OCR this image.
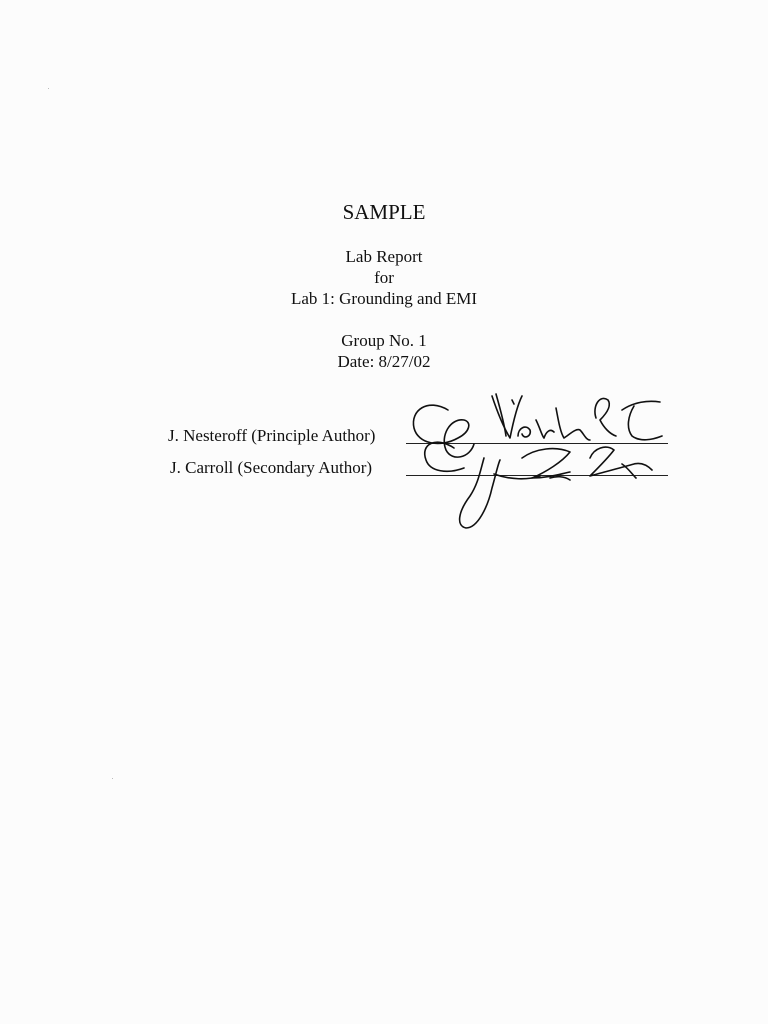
SAMPLE
Lab Report
for
Lab 1: Grounding and EMI
Group No. 1
Date: 8/27/02
J. Nesteroff (Principle Author)
J. Carroll (Secondary Author)
